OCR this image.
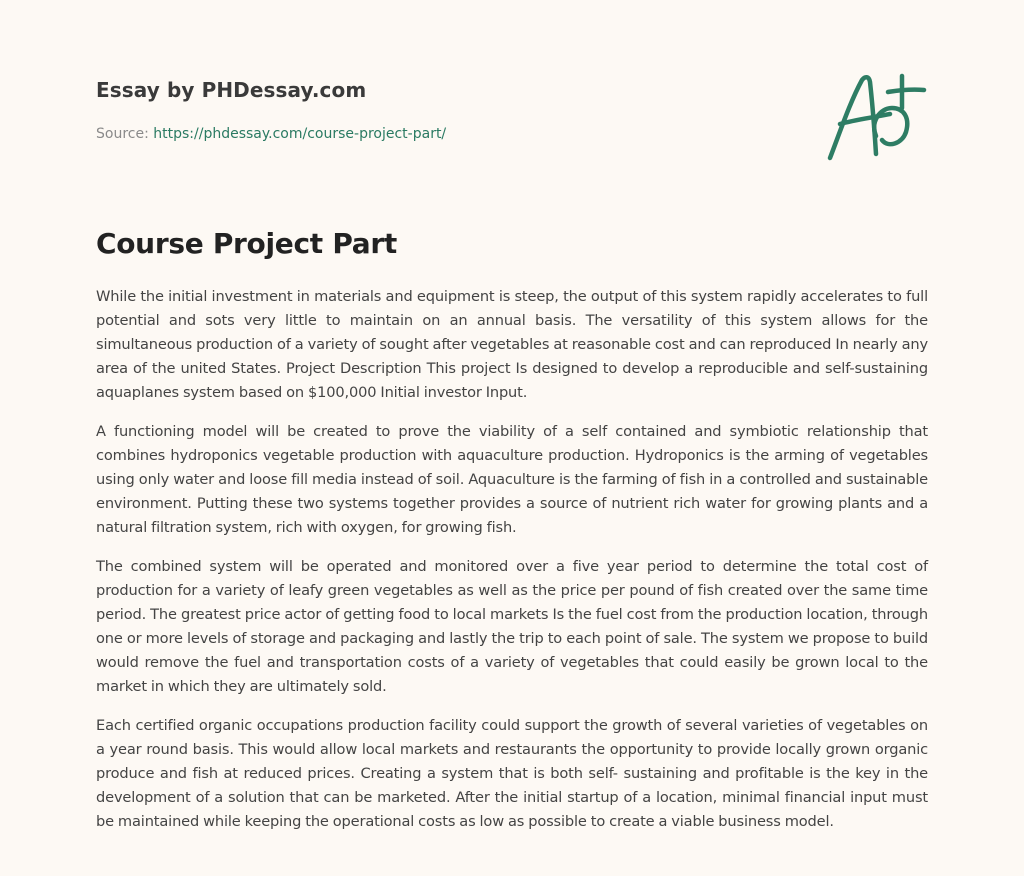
Essay by PHDessay.com
Source: https://phdessay.com/course-project-part/
Course Project Part

While the initial investment in materials and equipment is steep, the output of this system rapidly accelerates to full potential and sots very little to maintain on an annual basis. The versatility of this system allows for the simultaneous production of a variety of sought after vegetables at reasonable cost and can reproduced In nearly any area of the united States. Project Description This project Is designed to develop a reproducible and self-sustaining aquaplanes system based on $100,000 Initial investor Input.

A functioning model will be created to prove the viability of a self contained and symbiotic relationship that combines hydroponics vegetable production with aquaculture production. Hydroponics is the arming of vegetables using only water and loose fill media instead of soil. Aquaculture is the farming of fish in a controlled and sustainable environment. Putting these two systems together provides a source of nutrient rich water for growing plants and a natural filtration system, rich with oxygen, for growing fish.

The combined system will be operated and monitored over a five year period to determine the total cost of production for a variety of leafy green vegetables as well as the price per pound of fish created over the same time period. The greatest price actor of getting food to local markets Is the fuel cost from the production location, through one or more levels of storage and packaging and lastly the trip to each point of sale. The system we propose to build would remove the fuel and transportation costs of a variety of vegetables that could easily be grown local to the market in which they are ultimately sold.

Each certified organic occupations production facility could support the growth of several varieties of vegetables on a year round basis. This would allow local markets and restaurants the opportunity to provide locally grown organic produce and fish at reduced prices. Creating a system that is both self- sustaining and profitable is the key in the development of a solution that can be marketed. After the initial startup of a location, minimal financial input must be maintained while keeping the operational costs as low as possible to create a viable business model.
